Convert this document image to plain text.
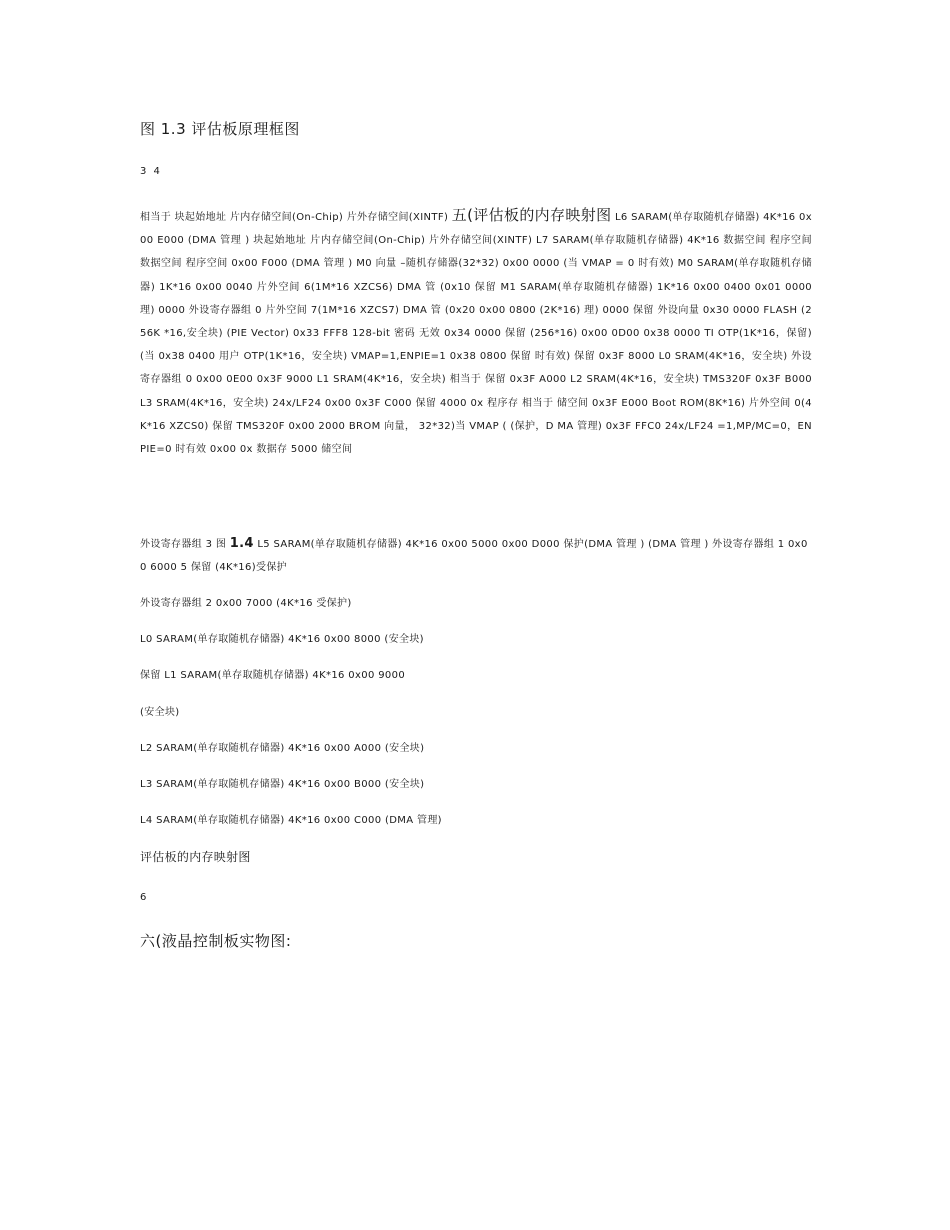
图 1.3 评估板原理框图
3 4
相当于 块起始地址 片内存储空间(On-Chip) 片外存储空间(XINTF) 五(评估板的内存映射图 L6 SARAM(单存取随机存储器) 4K*16 0x00 E000 (DMA 管理 ) 块起始地址 片内存储空间(On-Chip) 片外存储空间(XINTF) L7 SARAM(单存取随机存储器) 4K*16 数据空间 程序空间 数据空间 程序空间 0x00 F000 (DMA 管理 ) M0 向量 –随机存储器(32*32) 0x00 0000 (当 VMAP = 0 时有效) M0 SARAM(单存取随机存储器) 1K*16 0x00 0040 片外空间 6(1M*16 XZCS6) DMA 管 (0x10 保留 M1 SARAM(单存取随机存储器) 1K*16 0x00 0400 0x01 0000 理) 0000 外设寄存器组 0 片外空间 7(1M*16 XZCS7) DMA 管 (0x20 0x00 0800 (2K*16) 理) 0000 保留 外设向量 0x30 0000 FLASH (256K *16,安全块) (PIE Vector) 0x33 FFF8 128-bit 密码 无效 0x34 0000 保留 (256*16) 0x00 0D00 0x38 0000 TI OTP(1K*16，保留) (当 0x38 0400 用户 OTP(1K*16，安全块) VMAP=1,ENPIE=1 0x38 0800 保留 时有效) 保留 0x3F 8000 L0 SRAM(4K*16，安全块) 外设寄存器组 0 0x00 0E00 0x3F 9000 L1 SRAM(4K*16，安全块) 相当于 保留 0x3F A000 L2 SRAM(4K*16，安全块) TMS320F 0x3F B000 L3 SRAM(4K*16，安全块) 24x/LF24 0x00 0x3F C000 保留 4000 0x 程序存 相当于 储空间 0x3F E000 Boot ROM(8K*16) 片外空间 0(4K*16 XZCS0) 保留 TMS320F 0x00 2000 BROM 向量， 32*32)当 VMAP ( (保护，D MA 管理) 0x3F FFC0 24x/LF24 =1,MP/MC=0，ENPIE=0 时有效 0x00 0x 数据存 5000 储空间
外设寄存器组 3 图 1.4 L5 SARAM(单存取随机存储器) 4K*16 0x00 5000 0x00 D000 保护(DMA 管理 ) (DMA 管理 ) 外设寄存器组 1 0x00 6000 5 保留 (4K*16)受保护
外设寄存器组 2 0x00 7000 (4K*16 受保护)
L0 SARAM(单存取随机存储器) 4K*16 0x00 8000 (安全块)
保留 L1 SARAM(单存取随机存储器) 4K*16 0x00 9000
(安全块)
L2 SARAM(单存取随机存储器) 4K*16 0x00 A000 (安全块)
L3 SARAM(单存取随机存储器) 4K*16 0x00 B000 (安全块)
L4 SARAM(单存取随机存储器) 4K*16 0x00 C000 (DMA 管理)
评估板的内存映射图
6
六(液晶控制板实物图:
